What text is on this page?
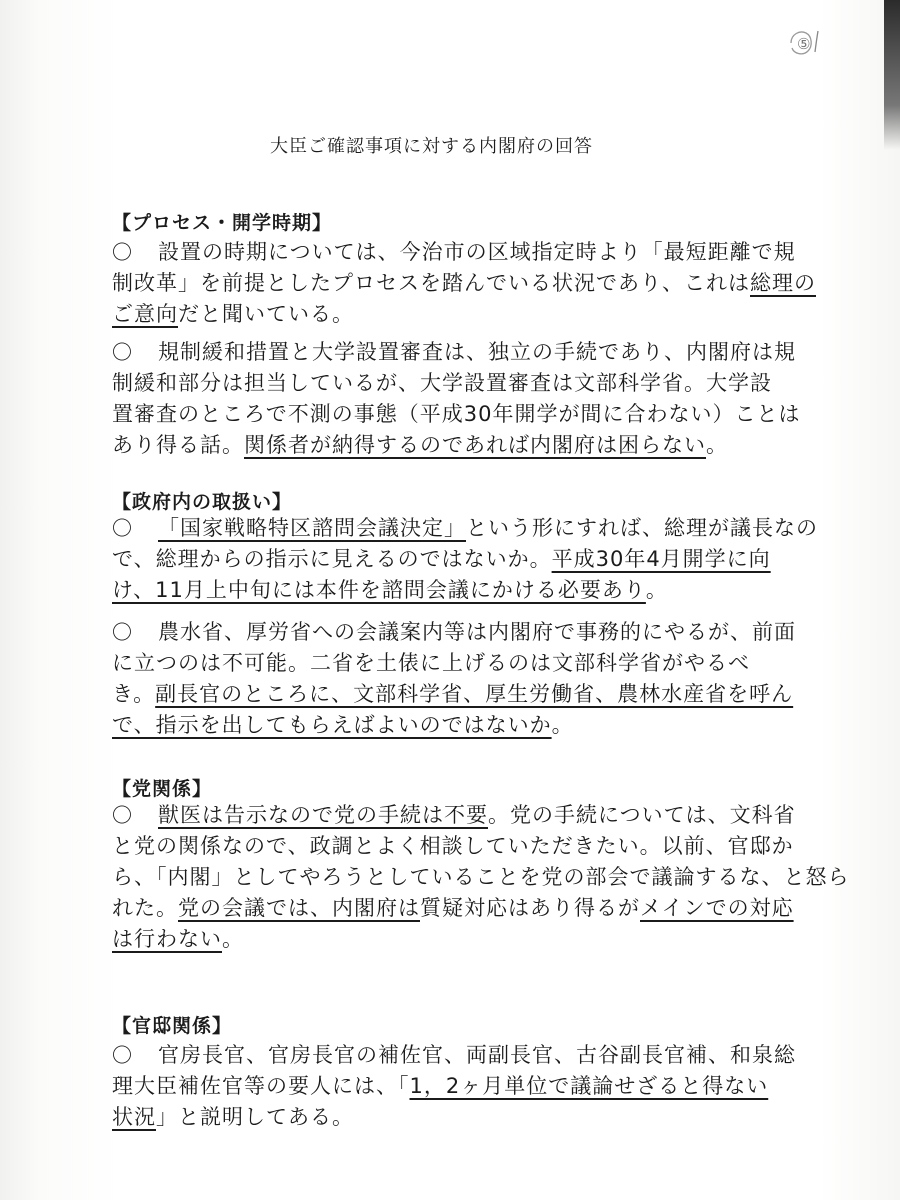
⑤
大臣ご確認事項に対する内閣府の回答
【プロセス・開学時期】
〇 設置の時期については、今治市の区域指定時より「最短距離で規
制改革」を前提としたプロセスを踏んでいる状況であり、これは総理の
ご意向だと聞いている。
〇 規制緩和措置と大学設置審査は、独立の手続であり、内閣府は規
制緩和部分は担当しているが、大学設置審査は文部科学省。大学設
置審査のところで不測の事態（平成30年開学が間に合わない）ことは
あり得る話。関係者が納得するのであれば内閣府は困らない。
【政府内の取扱い】
〇 「国家戦略特区諮問会議決定」という形にすれば、総理が議長なの
で、総理からの指示に見えるのではないか。平成30年4月開学に向
け、11月上中旬には本件を諮問会議にかける必要あり。
〇 農水省、厚労省への会議案内等は内閣府で事務的にやるが、前面
に立つのは不可能。二省を土俵に上げるのは文部科学省がやるべ
き。副長官のところに、文部科学省、厚生労働省、農林水産省を呼ん
で、指示を出してもらえばよいのではないか。
【党関係】
〇 獣医は告示なので党の手続は不要。党の手続については、文科省
と党の関係なので、政調とよく相談していただきたい。以前、官邸か
ら、「内閣」としてやろうとしていることを党の部会で議論するな、と怒ら
れた。党の会議では、内閣府は質疑対応はあり得るがメインでの対応
は行わない。
【官邸関係】
〇 官房長官、官房長官の補佐官、両副長官、古谷副長官補、和泉総
理大臣補佐官等の要人には、「1，2ヶ月単位で議論せざると得ない
状況」と説明してある。
